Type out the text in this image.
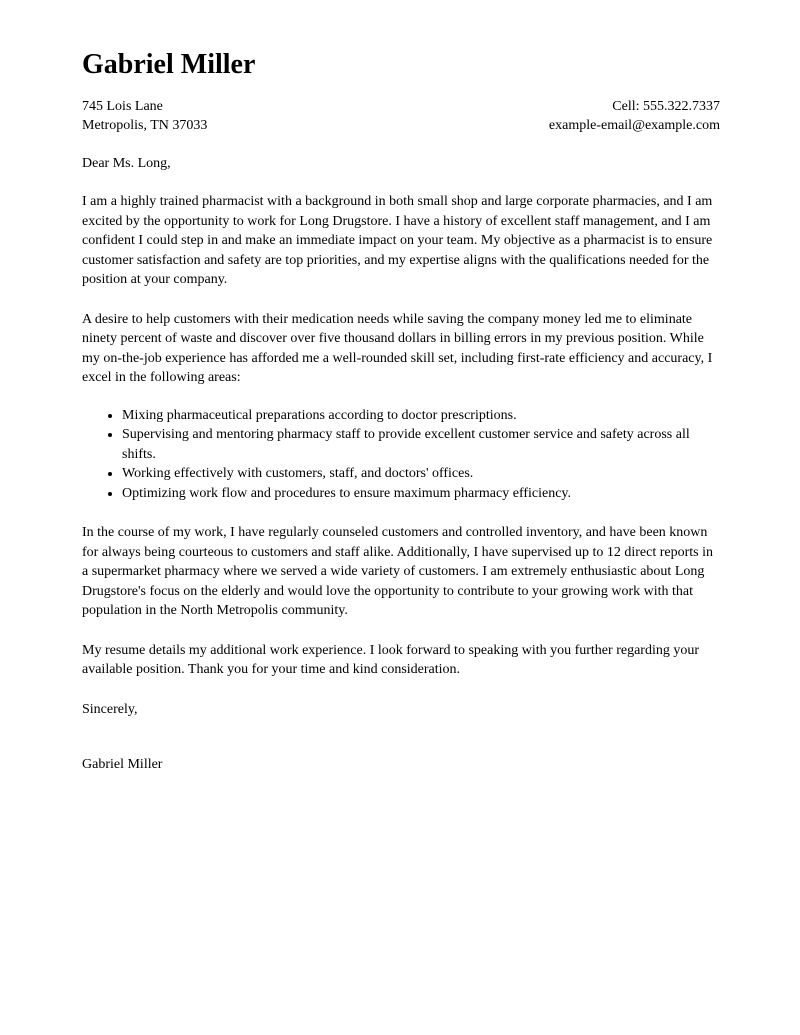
Gabriel Miller
745 Lois Lane
Metropolis, TN 37033
Cell: 555.322.7337
example-email@example.com

Dear Ms. Long,

I am a highly trained pharmacist with a background in both small shop and large corporate pharmacies, and I am excited by the opportunity to work for Long Drugstore. I have a history of excellent staff management, and I am confident I could step in and make an immediate impact on your team. My objective as a pharmacist is to ensure customer satisfaction and safety are top priorities, and my expertise aligns with the qualifications needed for the position at your company.

A desire to help customers with their medication needs while saving the company money led me to eliminate ninety percent of waste and discover over five thousand dollars in billing errors in my previous position. While my on-the-job experience has afforded me a well-rounded skill set, including first-rate efficiency and accuracy, I excel in the following areas:

• Mixing pharmaceutical preparations according to doctor prescriptions.
• Supervising and mentoring pharmacy staff to provide excellent customer service and safety across all shifts.
• Working effectively with customers, staff, and doctors' offices.
• Optimizing work flow and procedures to ensure maximum pharmacy efficiency.

In the course of my work, I have regularly counseled customers and controlled inventory, and have been known for always being courteous to customers and staff alike. Additionally, I have supervised up to 12 direct reports in a supermarket pharmacy where we served a wide variety of customers. I am extremely enthusiastic about Long Drugstore's focus on the elderly and would love the opportunity to contribute to your growing work with that population in the North Metropolis community.

My resume details my additional work experience. I look forward to speaking with you further regarding your available position. Thank you for your time and kind consideration.

Sincerely,

Gabriel Miller
